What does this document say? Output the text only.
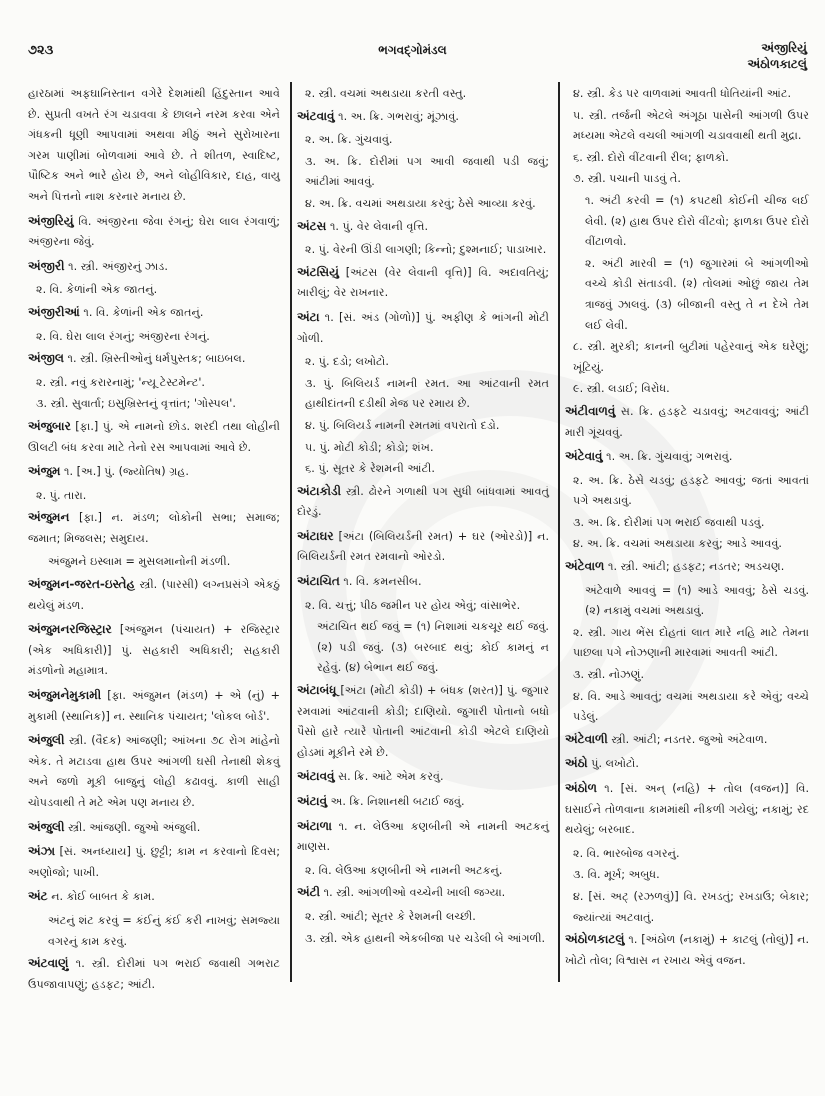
૭૨૩	ભગવદ્ગોમંડલ	અંજીરિયું
અંઠોળકાટલું
હારઠામાં અફઘાનિસ્તાન વગેરે દેશમાંથી હિંદુસ્તાન આવે છે. સુપ્રતી વખતે રંગ ચડાવવા કે છાલને નરમ કરવા એને ગંધકની ધૂણી આપવામાં અથવા મીઠું અને સુરોખારના ગરમ પાણીમાં બોળવામાં આવે છે. તે શીતળ, સ્વાદિષ્ટ, પૌષ્ટિક અને ભારે હોય છે, અને લોહીવિકાર, દાહ, વાયુ અને પિત્તનો નાશ કરનાર મનાય છે.
અંજીરિયું વિ. અંજીરના જેવા રંગનું; ઘેરા લાલ રંગવાળું; અંજીરના જેવું.
અંજીરી ૧. સ્ત્રી. અંજીરનું ઝાડ.
૨. વિ. કેળાંની એક જાતનું.
અંજીરીઆં ૧. વિ. કેળાંની એક જાતનું.
૨. વિ. ઘેરા લાલ રંગનું; અંજીરના રંગનું.
અંજીલ ૧. સ્ત્રી. ખ્રિસ્તીઓનું ધર્મપુસ્તક; બાઇબલ.
૨. સ્ત્રી. નવું કરારનામું; 'ન્યૂ ટેસ્ટમેન્ટ'.
૩. સ્ત્રી. સુવાર્તા; ઇસુખ્રિસ્તનું વૃત્તાંત; 'ગોસ્પલ'.
અંજુબાર [ફા.] પું. એ નામનો છોડ. શરદી તથા લોહીની ઊલટી બંધ કરવા માટે તેનો રસ આપવામાં આવે છે.
અંજુમ ૧. [અ.] પું. (જ્યોતિષ) ગ્રહ.
૨. પું. તારા.
અંજુમન [ફા.] ન. મંડળ; લોકોની સભા; સમાજ; જમાત; મિજલસ; સમુદાય.
અંજુમને ઇસ્લામ = મુસલમાનોની મંડળી.
અંજુમન-જરત-ઇસ્તેહ સ્ત્રી. (પારસી) લગ્નપ્રસંગે એકઠું થયેલું મંડળ.
અંજુમનરજિસ્ટ્રાર [અંજુમન (પંચાયત) + રજિસ્ટ્રાર (એક અધિકારી)] પું. સહકારી અધિકારી; સહકારી મંડળોનો મહામાત્ર.
અંજુમનેમુકામી [ફા. અંજુમન (મંડળ) + એ (નું) + મુકામી (સ્થાનિક)] ન. સ્થાનિક પંચાયત; 'લોકલ બોર્ડ'.
અંજુલી સ્ત્રી. (વૈદક) આંજણી; આંખના ૭૮ રોગ માંહેનો એક. તે મટાડવા હાથ ઉપર આંગળી ઘસી તેનાથી શેકવું અને જળો મૂકી બાજુનું લોહી કઢાવવું. કાળી સાહી ચોપડવાથી તે મટે એમ પણ મનાય છે.
અંજુલી સ્ત્રી. આંજણી. જુઓ અંજુલી.
અંઝા [સં. અનધ્યાય] પું. છુટ્ટી; કામ ન કરવાનો દિવસ; અણોજો; પાખી.
અંટ ન. કોઈ બાબત કે કામ.
અંટનું શંટ કરવું = કંઈનું કંઈ કરી નાખવું; સમજ્યા વગરનું કામ કરવું.
અંટવાણું ૧. સ્ત્રી. દોરીમાં પગ ભરાઈ જવાથી ગભરાટ ઉપજાવાપણું; હડફટ; આંટી.
૨. સ્ત્રી. વચમાં અથડાયા કરતી વસ્તુ.
અંટવાવું ૧. અ. ક્રિ. ગભરાવું; મૂંઝાવું.
૨. અ. ક્રિ. ગુંચવાવું.
૩. અ. ક્રિ. દોરીમાં પગ આવી જવાથી પડી જવું; આંટીમાં આવવું.
૪. અ. ક્રિ. વચમાં અથડાયા કરવું; ઠેસે આવ્યા કરવું.
અંટસ ૧. પું. વેર લેવાની વૃત્તિ.
૨. પું. વેરની ઊંડી લાગણી; કિન્નો; દુશ્મનાઈ; પાડાખાર.
અંટસિયું [અંટસ (વેર લેવાની વૃત્તિ)] વિ. અદાવતિયું; ખારીલું; વેર રાખનાર.
અંટા ૧. [સં. અંડ (ગોળો)] પું. અફીણ કે ભાંગની મોટી ગોળી.
૨. પું. દડો; લખોટો.
૩. પું. બિલિયર્ડ નામની રમત. આ આંટવાની રમત હાથીદાંતની દડીથી મેજ પર રમાય છે.
૪. પું. બિલિયર્ડ નામની રમતમાં વપરાતો દડો.
૫. પું. મોટી કોડી; કોડો; શંખ.
૬. પું. સૂતર કે રેશમની આંટી.
અંટાકોડી સ્ત્રી. ઢોરને ગળાથી પગ સુધી બાંધવામાં આવતું દોરડું.
અંટાઘર [અંટા (બિલિયર્ડની રમત) + ઘર (ઓરડો)] ન. બિલિયર્ડની રમત રમવાનો ઓરડો.
અંટાચિત ૧. વિ. કમનસીબ.
૨. વિ. ચત્તું; પીઠ જમીન પર હોય એવું; વાંસાભેર.
અંટાચિત થઈ જવું = (૧) નિશામાં ચકચૂર થઈ જવું. (૨) પડી જવું. (૩) બરબાદ થવું; કોઈ કામનું ન રહેવું. (૪) બેભાન થઈ જવું.
અંટાબંધૂ [અંટા (મોટી કોડી) + બંધક (શરત)] પું. જુગાર રમવામાં આંટવાની કોડી; દાણિયો. જુગારી પોતાનો બધો પૈસો હારે ત્યારે પોતાની આંટવાની કોડી એટલે દાણિયો હોડમાં મૂકીને રમે છે.
અંટાવવું સ. ક્રિ. આંટે એમ કરવું.
અંટાવું અ. ક્રિ. નિશાનથી બટાઈ જવું.
અંટાળા ૧. ન. લેઉઆ કણબીની એ નામની અટકનું માણસ.
૨. વિ. લેઉઆ કણબીની એ નામની અટકનું.
અંટી ૧. સ્ત્રી. આંગળીઓ વચ્ચેની ખાલી જગ્યા.
૨. સ્ત્રી. આંટી; સૂતર કે રેશમની લચ્છી.
૩. સ્ત્રી. એક હાથની એકબીજા પર ચડેલી બે આંગળી.
૪. સ્ત્રી. કેડ પર વાળવામાં આવતી ધોતિયાંની આંટ.
૫. સ્ત્રી. તર્જની એટલે અંગૂઠા પાસેની આંગળી ઉપર મધ્યમા એટલે વચલી આંગળી ચડાવવાથી થતી મુદ્રા.
૬. સ્ત્રી. દોરો વીંટવાની રીલ; ફાળકો.
૭. સ્ત્રી. પચાની પાડવું તે.
૧. અંટી કરવી = (૧) કપટથી કોઈની ચીજ લઈ લેવી. (૨) હાથ ઉપર દોરો વીંટવો; ફાળકા ઉપર દોરો વીંટાળવો.
૨. અંટી મારવી = (૧) જુગારમાં બે આંગળીઓ વચ્ચે કોડી સંતાડવી. (૨) તોલમાં ઓછું જાય તેમ ત્રાજવું ઝાલવું. (૩) બીજાની વસ્તુ તે ન દેખે તેમ લઈ લેવી.
૮. સ્ત્રી. મુરકી; કાનની બુટીમાં પહેરવાનું એક ઘરેણું; ખૂંટિયું.
૯. સ્ત્રી. લડાઈ; વિરોધ.
અંટીવાળવું સ. ક્રિ. હડફટે ચડાવવું; અટવાવવું; આંટી મારી ગૂંચવવું.
અંટેવાવું ૧. અ. ક્રિ. ગુંચવાવું; ગભરાવું.
૨. અ. ક્રિ. ઠેસે ચડવું; હડફટે આવવું; જતાં આવતાં પગે અથડાવું.
૩. અ. ક્રિ. દોરીમાં પગ ભરાઈ જવાથી પડવું.
૪. અ. ક્રિ. વચમાં અથડાયા કરવું; આડે આવવું.
અંટેવાળ ૧. સ્ત્રી. આંટી; હડફટ; નડતર; અડચણ.
અંટેવાળે આવવું = (૧) આડે આવવું; ઠેસે ચડવું. (૨) નકામું વચમાં અથડાવું.
૨. સ્ત્રી. ગાય ભેંસ દોહતાં લાત મારે નહિ માટે તેમના પાછલા પગે નોઝણાની મારવામાં આવતી આંટી.
૩. સ્ત્રી. નોઝણું.
૪. વિ. આડે આવતું; વચમાં અથડાયા કરે એવું; વચ્ચે પડેલું.
અંટેવાળી સ્ત્રી. આંટી; નડતર. જુઓ અંટેવાળ.
અંઠો પું. લખોટો.
અંઠોળ ૧. [સં. અન્ (નહિ) + તોલ (વજન)] વિ. ઘસાઈને તોળવાના કામમાંથી નીકળી ગયેલું; નકામું; રદ થયેલું; બરબાદ.
૨. વિ. ભારબોજ વગરનું.
૩. વિ. મૂર્ખ; અબુધ.
૪. [સં. અટ્ (રઝળવું)] વિ. રખડતું; રખડાઉ; બેકાર; જ્યાંત્યાં અટવાતું.
અંઠોળકાટલું ૧. [અંઠોળ (નકામું) + કાટલું (તોલું)] ન. ખોટો તોલ; વિશ્વાસ ન રખાય એવું વજન.
